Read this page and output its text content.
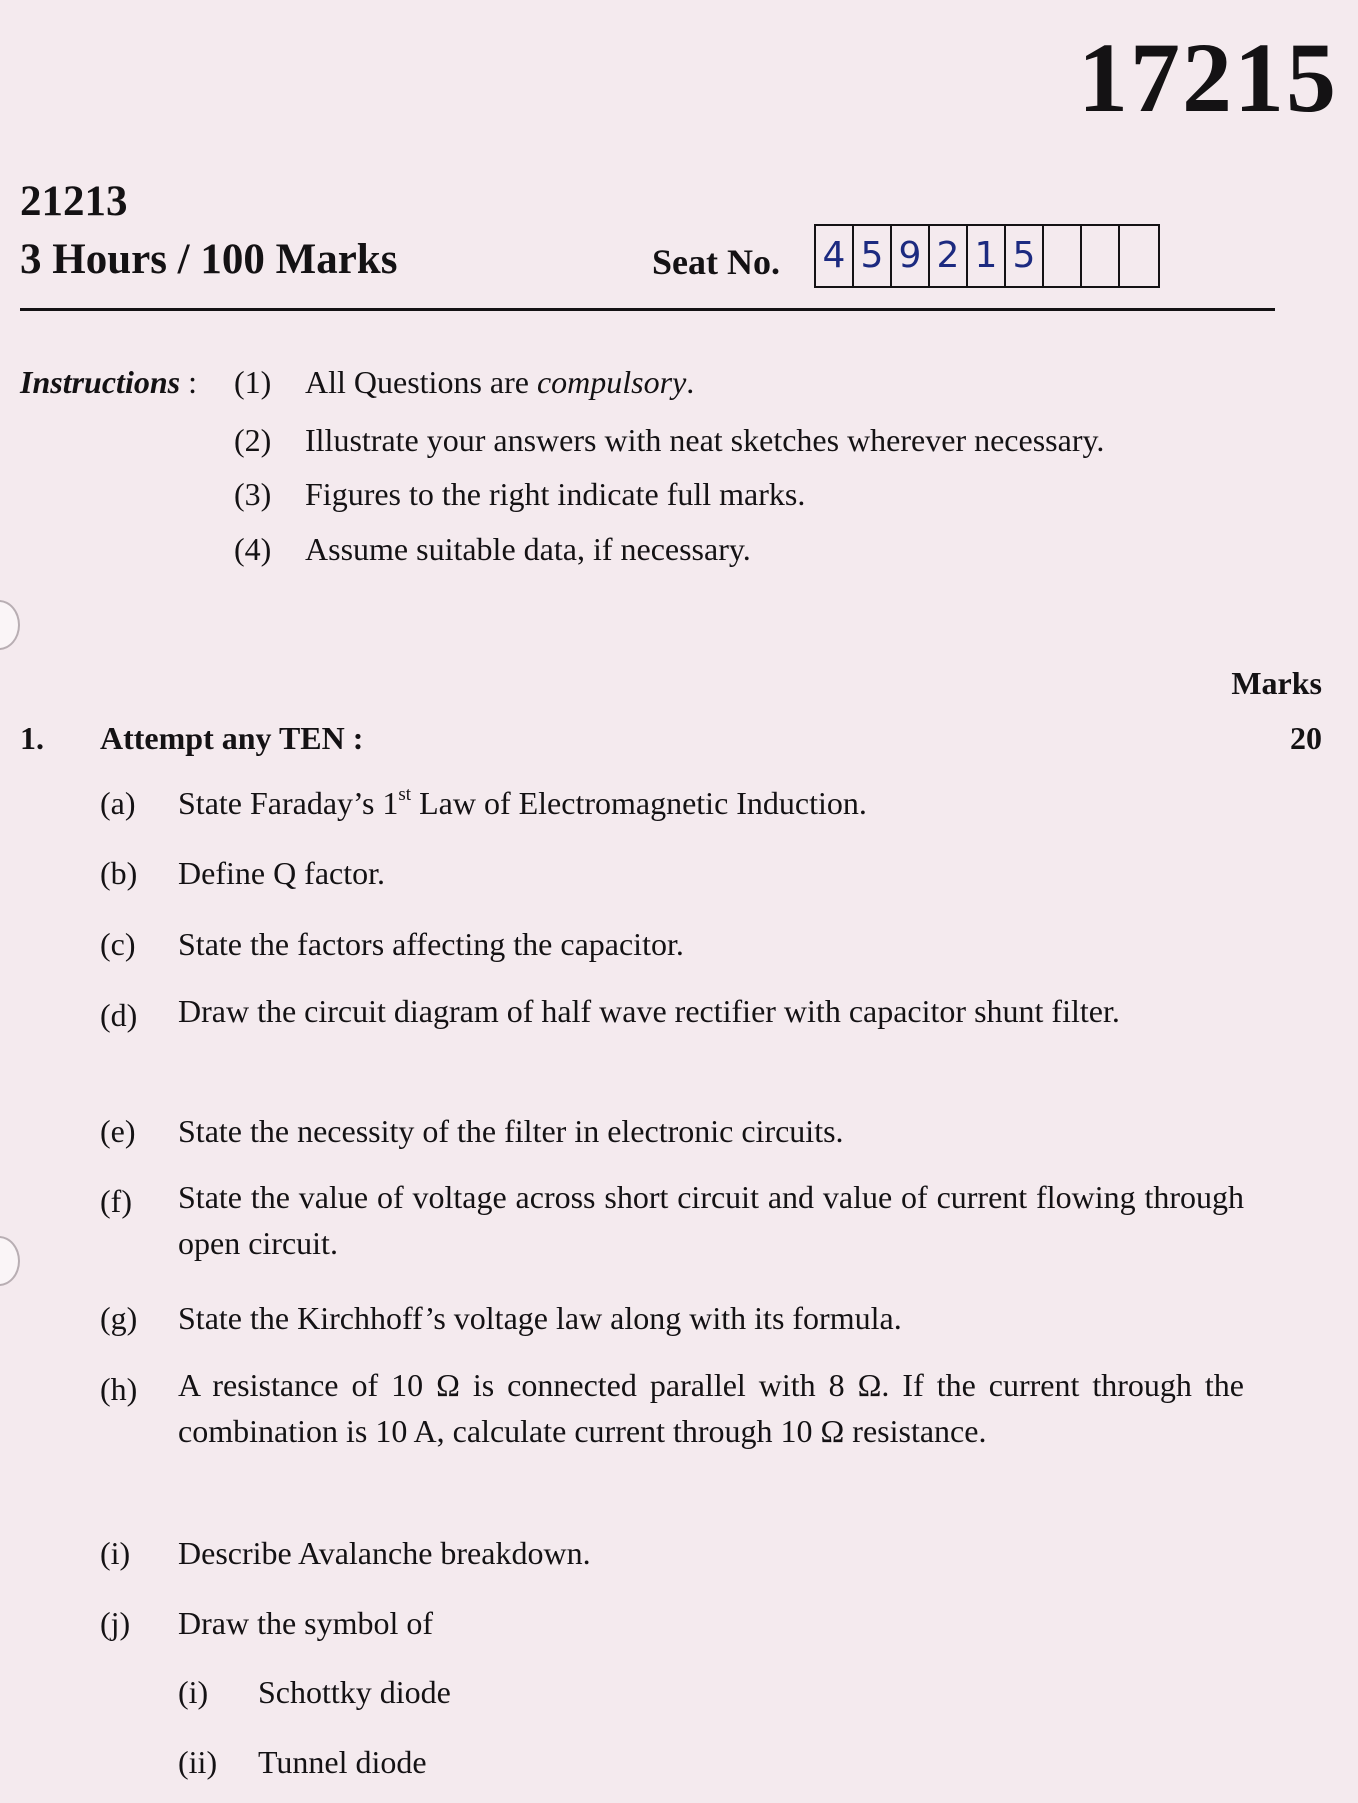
17215
21213
3 Hours / 100 Marks	Seat No. 4 5 9 2 1 5
Instructions : (1) All Questions are compulsory.
(2) Illustrate your answers with neat sketches wherever necessary.
(3) Figures to the right indicate full marks.
(4) Assume suitable data, if necessary.
Marks
1. Attempt any TEN :	20
(a) State Faraday’s 1st Law of Electromagnetic Induction.
(b) Define Q factor.
(c) State the factors affecting the capacitor.
(d) Draw the circuit diagram of half wave rectifier with capacitor shunt filter.
(e) State the necessity of the filter in electronic circuits.
(f) State the value of voltage across short circuit and value of current flowing through open circuit.
(g) State the Kirchhoff’s voltage law along with its formula.
(h) A resistance of 10 Ω is connected parallel with 8 Ω. If the current through the combination is 10 A, calculate current through 10 Ω resistance.
(i) Describe Avalanche breakdown.
(j) Draw the symbol of
(i) Schottky diode
(ii) Tunnel diode
